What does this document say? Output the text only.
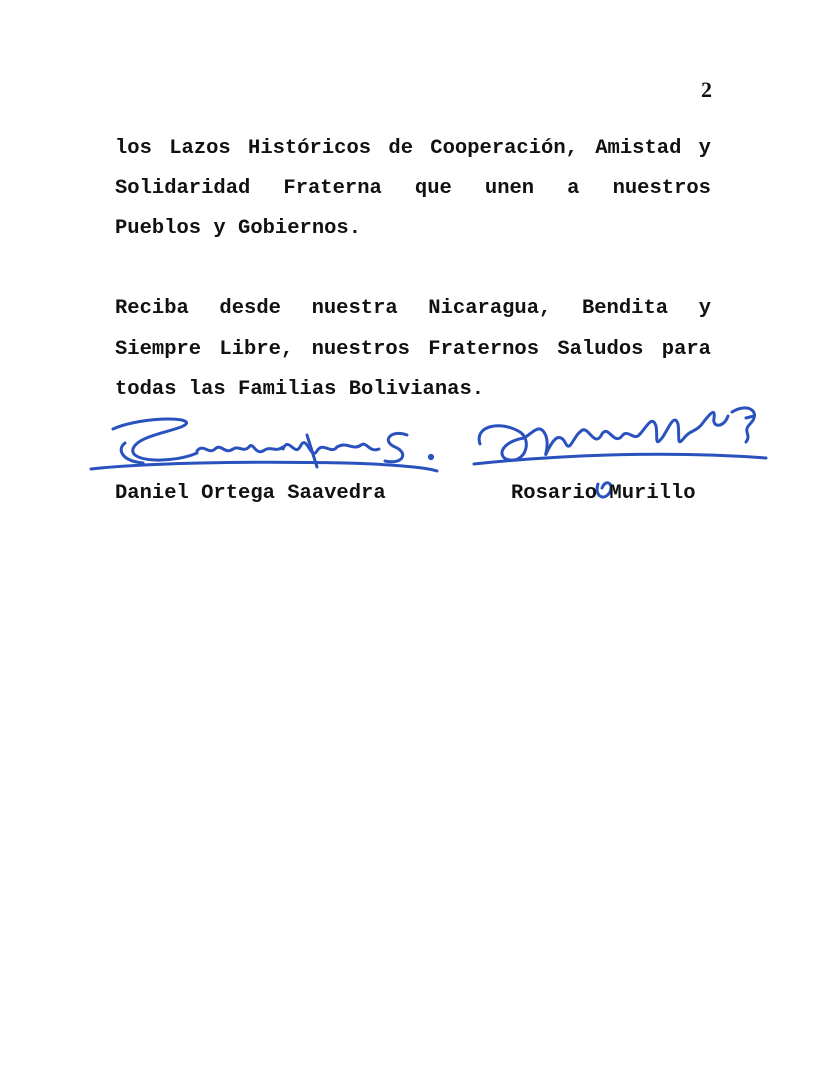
2
los Lazos Históricos de Cooperación, Amistad y
Solidaridad Fraterna que unen a nuestros
Pueblos y Gobiernos.
Reciba desde nuestra Nicaragua, Bendita y
Siempre Libre, nuestros Fraternos Saludos para
todas las Familias Bolivianas.
Daniel Ortega Saavedra	Rosario Murillo
